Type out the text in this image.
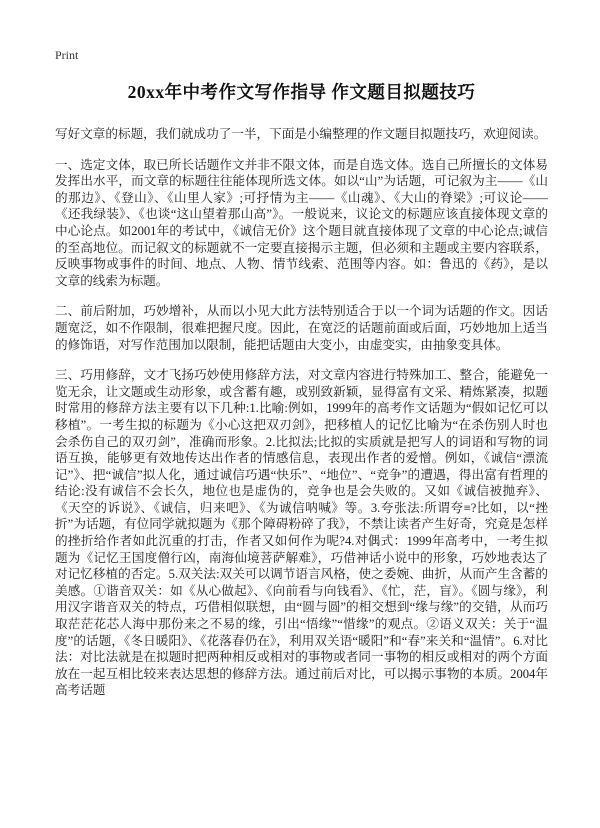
Print
20xx年中考作文写作指导 作文题目拟题技巧

写好文章的标题，我们就成功了一半，下面是小编整理的作文题目拟题技巧，欢迎阅读。

一、选定文体，取已所长话题作文并非不限文体，而是自选文体。选自己所擅长的文体易发挥出水平，而文章的标题往往能体现所选文体。如以“山”为话题，可记叙为主——《山的那边》、《登山》、《山里人家》;可抒情为主——《山魂》、《大山的脊梁》;可议论——《还我绿装》、《也谈“这山望着那山高”》。一般说来，议论文的标题应该直接体现文章的中心论点。如2001年的考试中，《诚信无价》这个题目就直接体现了文章的中心论点;诚信的至高地位。而记叙文的标题就不一定要直接揭示主题，但必须和主题或主要内容联系，反映事物或事件的时间、地点、人物、情节线索、范围等内容。如：鲁迅的《药》，是以文章的线索为标题。

二、前后附加，巧妙增补，从而以小见大此方法特别适合于以一个词为话题的作文。因话题宽泛，如不作限制，很难把握尺度。因此，在宽泛的话题前面或后面，巧妙地加上适当的修饰语，对写作范围加以限制，能把话题由大变小，由虚变实，由抽象变具体。

三、巧用修辞，文才飞扬巧妙使用修辞方法，对文章内容进行特殊加工、整合，能避免一览无余，让文题或生动形象，或含蓄有趣，或别致新颖，显得富有文采、精炼紧凑，拟题时常用的修辞方法主要有以下几种:1.比喻:例如，1999年的高考作文话题为“假如记忆可以移植”。一考生拟的标题为《小心这把双刃剑》，把移植人的记忆比喻为“在杀伤别人时也会杀伤自己的双刃剑”，准确而形象。2.比拟法;比拟的实质就是把写人的词语和写物的词语互换，能够更有效地传达出作者的情感信息，表现出作者的爱憎。例如，《诚信“漂流记”》、把“诚信”拟人化，通过诚信巧遇“快乐”、“地位”、“竞争”的遭遇，得出富有哲理的结论:没有诚信不会长久，地位也是虚伪的，竞争也是会失败的。又如《诚信被抛弃》、《天空的诉说》、《诚信，归来吧》、《为诚信呐喊》等。3.夸张法:所谓夸≡?比如，以“挫折”为话题，有位同学就拟题为《那个障碍粉碎了我》，不禁让读者产生好奇，究竟是怎样的挫折给作者如此沉重的打击，作者又如何作为呢?4.对偶式：1999年高考中，一考生拟题为《记忆王国度僧行凶，南海仙境菩萨解难》，巧借神话小说中的形象，巧妙地表达了对记忆移植的否定。5.双关法:双关可以调节语言风格，使之委婉、曲折，从而产生含蓄的美感。①谐音双关：如《从心做起》、《向前看与向钱看》、《忙，茫，盲》。《圆与缘》，利用汉字谐音双关的特点，巧借相似联想，由“圆与圆”的相交想到“缘与缘”的交错，从而巧取茫茫花芯人海中那份来之不易的缘，引出“悟缘”“惜缘”的观点。②语义双关：关于“温度”的话题，《冬日暖阳》、《花落春仍在》，利用双关语“暖阳”和“春”来关和“温情”。6.对比法：对比法就是在拟题时把两种相反或相对的事物或者同一事物的相反或相对的两个方面放在一起互相比较来表达思想的修辞方法。通过前后对比，可以揭示事物的本质。2004年高考话题
